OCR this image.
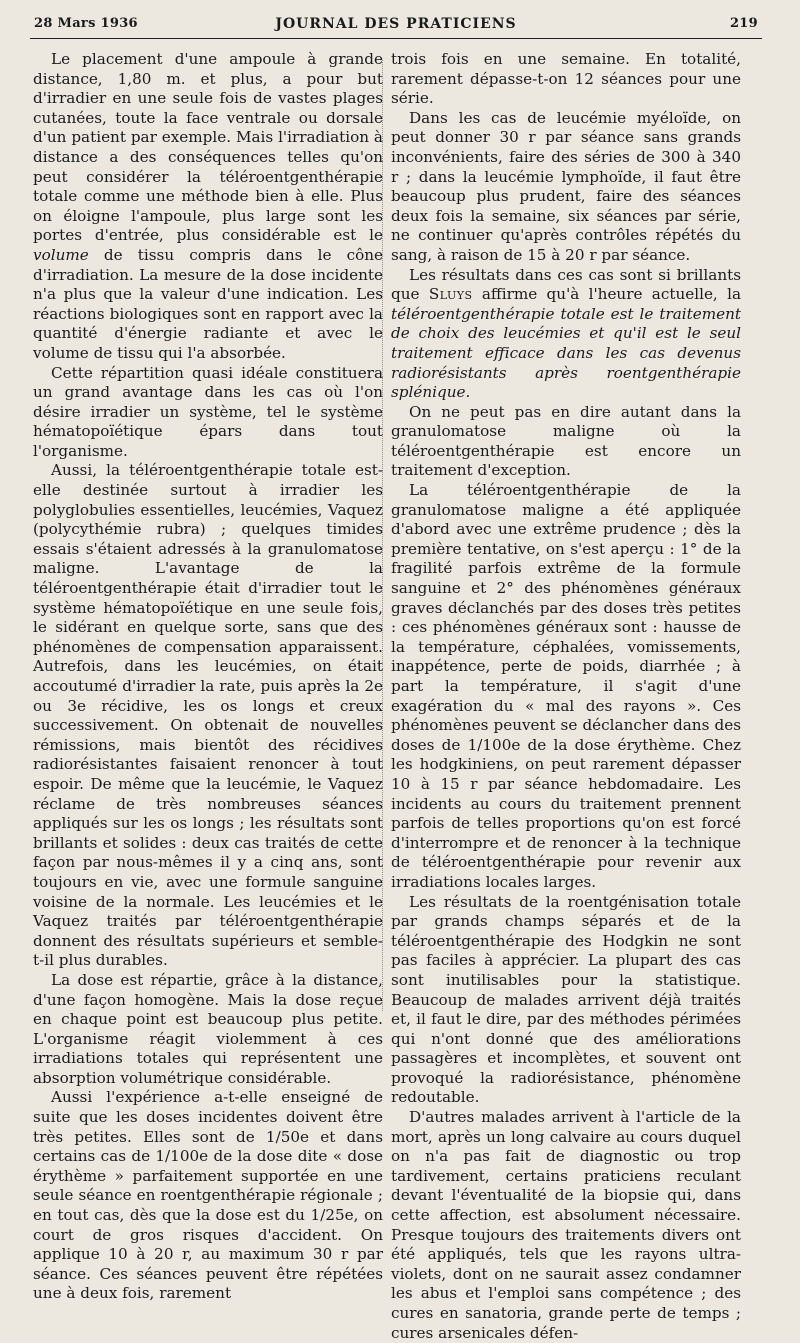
28 Mars 1936	JOURNAL DES PRATICIENS	219

Le placement d'une ampoule à grande distance, 1,80 m. et plus, a pour but d'irradier en une seule fois de vastes plages cutanées, toute la face ventrale ou dorsale d'un patient par exemple. Mais l'irradiation à distance a des conséquences telles qu'on peut considérer la téléroentgenthérapie totale comme une méthode bien à elle. Plus on éloigne l'ampoule, plus large sont les portes d'entrée, plus considérable est le volume de tissu compris dans le cône d'irradiation. La mesure de la dose incidente n'a plus que la valeur d'une indication. Les réactions biologiques sont en rapport avec la quantité d'énergie radiante et avec le volume de tissu qui l'a absorbée.

Cette répartition quasi idéale constituera un grand avantage dans les cas où l'on désire irradier un système, tel le système hématopoïétique épars dans tout l'organisme.

Aussi, la téléroentgenthérapie totale est-elle destinée surtout à irradier les polyglobulies essentielles, leucémies, Vaquez (polycythémie rubra) ; quelques timides essais s'étaient adressés à la granulomatose maligne. L'avantage de la téléroentgenthérapie était d'irradier tout le système hématopoïétique en une seule fois, le sidérant en quelque sorte, sans que des phénomènes de compensation apparaissent. Autrefois, dans les leucémies, on était accoutumé d'irradier la rate, puis après la 2e ou 3e récidive, les os longs et creux successivement. On obtenait de nouvelles rémissions, mais bientôt des récidives radiorésistantes faisaient renoncer à tout espoir. De même que la leucémie, le Vaquez réclame de très nombreuses séances appliqués sur les os longs ; les résultats sont brillants et solides : deux cas traités de cette façon par nous-mêmes il y a cinq ans, sont toujours en vie, avec une formule sanguine voisine de la normale. Les leucémies et le Vaquez traités par téléroentgenthérapie donnent des résultats supérieurs et semble-t-il plus durables.

La dose est répartie, grâce à la distance, d'une façon homogène. Mais la dose reçue en chaque point est beaucoup plus petite. L'organisme réagit violemment à ces irradiations totales qui représentent une absorption volumétrique considérable.

Aussi l'expérience a-t-elle enseigné de suite que les doses incidentes doivent être très petites. Elles sont de 1/50e et dans certains cas de 1/100e de la dose dite « dose érythème » parfaitement supportée en une seule séance en roentgenthérapie régionale ; en tout cas, dès que la dose est du 1/25e, on court de gros risques d'accident. On applique 10 à 20 r, au maximum 30 r par séance. Ces séances peuvent être répétées une à deux fois, rarement

trois fois en une semaine. En totalité, rarement dépasse-t-on 12 séances pour une série.

Dans les cas de leucémie myéloïde, on peut donner 30 r par séance sans grands inconvénients, faire des séries de 300 à 340 r ; dans la leucémie lymphoïde, il faut être beaucoup plus prudent, faire des séances deux fois la semaine, six séances par série, ne continuer qu'après contrôles répétés du sang, à raison de 15 à 20 r par séance.

Les résultats dans ces cas sont si brillants que Sluys affirme qu'à l'heure actuelle, la téléroentgenthérapie totale est le traitement de choix des leucémies et qu'il est le seul traitement efficace dans les cas devenus radiorésistants après roentgenthérapie splénique.

On ne peut pas en dire autant dans la granulomatose maligne où la téléroentgenthérapie est encore un traitement d'exception.

La téléroentgenthérapie de la granulomatose maligne a été appliquée d'abord avec une extrême prudence ; dès la première tentative, on s'est aperçu : 1° de la fragilité parfois extrême de la formule sanguine et 2° des phénomènes généraux graves déclanchés par des doses très petites : ces phénomènes généraux sont : hausse de la température, céphalées, vomissements, inappétence, perte de poids, diarrhée ; à part la température, il s'agit d'une exagération du « mal des rayons ». Ces phénomènes peuvent se déclancher dans des doses de 1/100e de la dose érythème. Chez les hodgkiniens, on peut rarement dépasser 10 à 15 r par séance hebdomadaire. Les incidents au cours du traitement prennent parfois de telles proportions qu'on est forcé d'interrompre et de renoncer à la technique de téléroentgenthérapie pour revenir aux irradiations locales larges.

Les résultats de la roentgénisation totale par grands champs séparés et de la téléroentgenthérapie des Hodgkin ne sont pas faciles à apprécier. La plupart des cas sont inutilisables pour la statistique. Beaucoup de malades arrivent déjà traités et, il faut le dire, par des méthodes périmées qui n'ont donné que des améliorations passagères et incomplètes, et souvent ont provoqué la radiorésistance, phénomène redoutable.

D'autres malades arrivent à l'article de la mort, après un long calvaire au cours duquel on n'a pas fait de diagnostic ou trop tardivement, certains praticiens reculant devant l'éventualité de la biopsie qui, dans cette affection, est absolument nécessaire. Presque toujours des traitements divers ont été appliqués, tels que les rayons ultra-violets, dont on ne saurait assez condamner les abus et l'emploi sans compétence ; des cures en sanatoria, grande perte de temps ; cures arsenicales défen-
